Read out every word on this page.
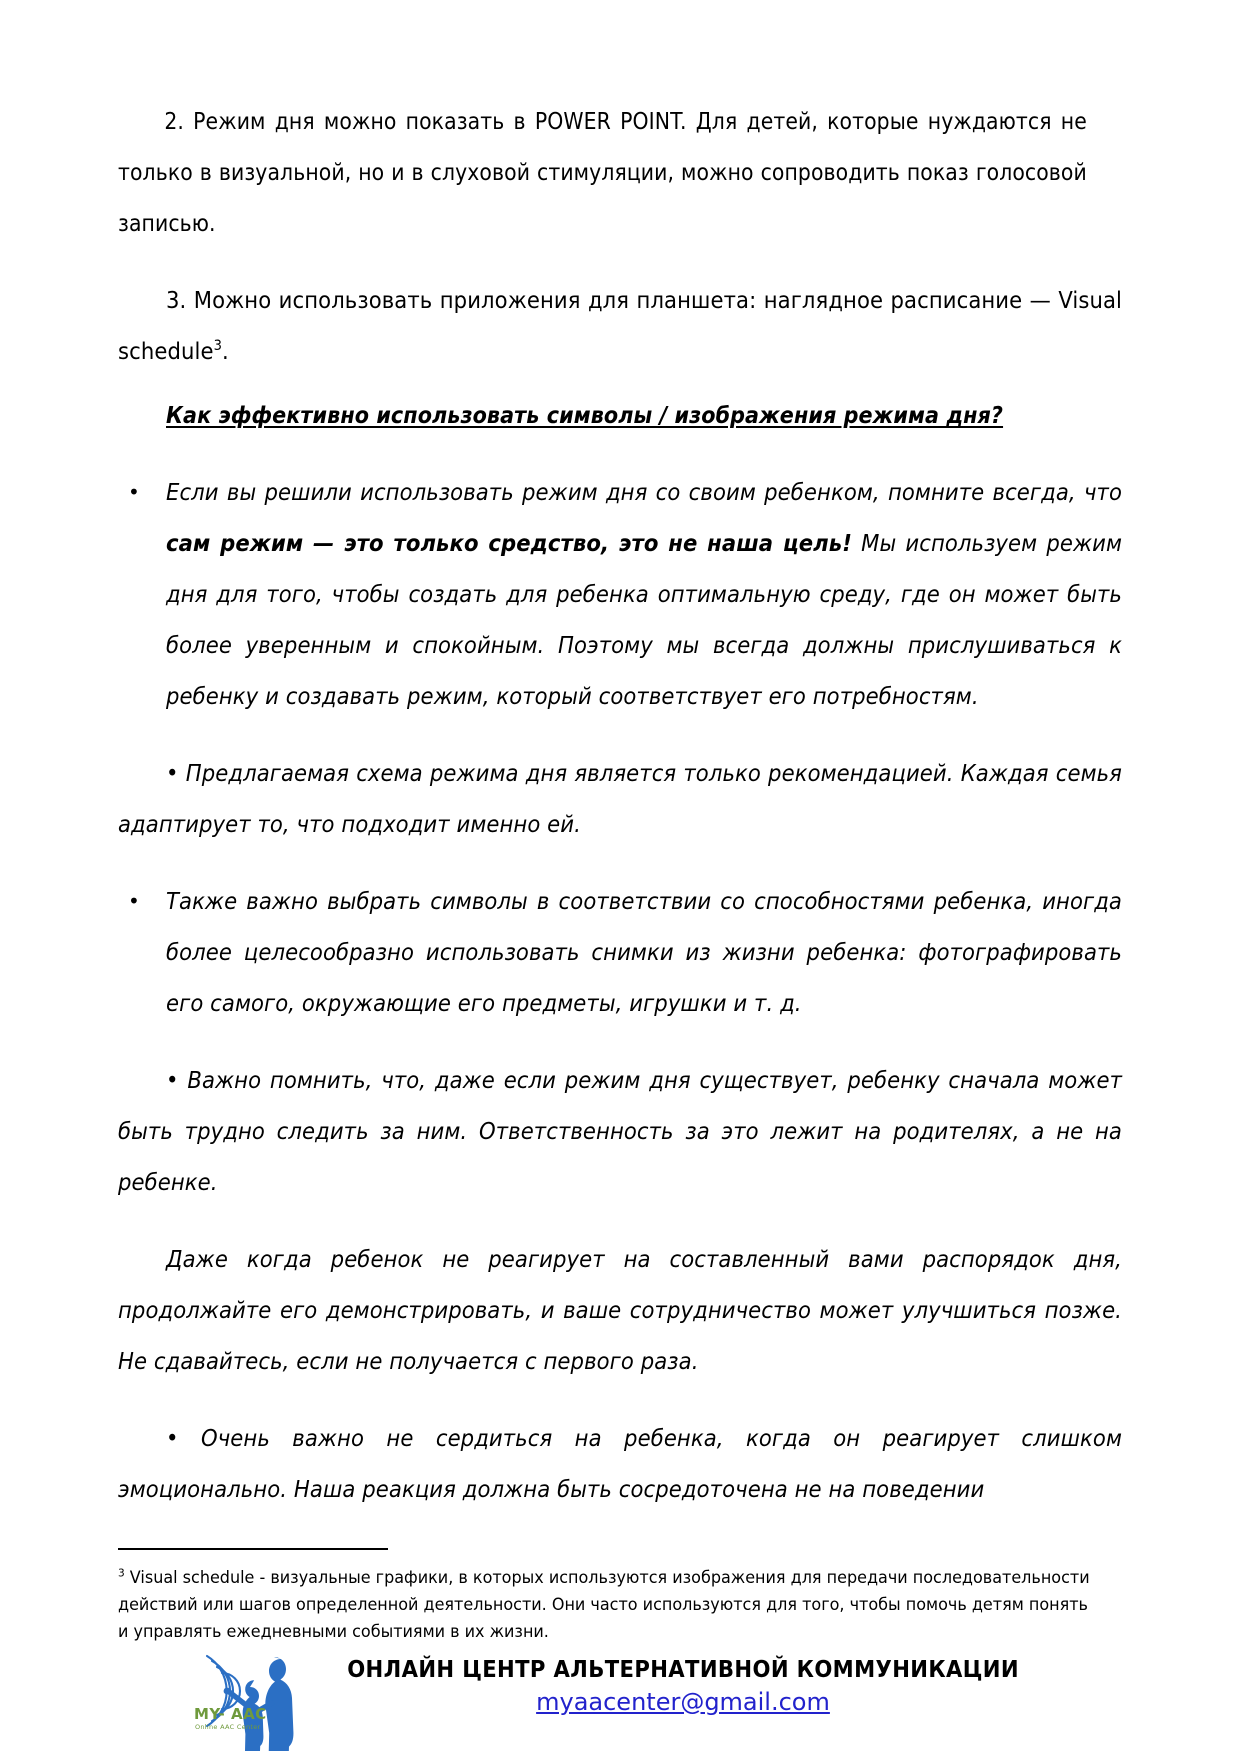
2. Режим дня можно показать в POWER POINT. Для детей, которые нуждаются не только в визуальной, но и в слуховой стимуляции, можно сопроводить показ голосовой записью.

3. Можно использовать приложения для планшета: наглядное расписание — Visual schedule$^3$.

Как эффективно использовать символы / изображения режима дня?
• Если вы решили использовать режим дня со своим ребенком, помните всегда, что сам режим — это только средство, это не наша цель! Мы используем режим дня для того, чтобы создать для ребенка оптимальную среду, где он может быть более уверенным и спокойным. Поэтому мы всегда должны прислушиваться к ребенку и создавать режим, который соответствует его потребностям.

• Предлагаемая схема режима дня является только рекомендацией. Каждая семья адаптирует то, что подходит именно ей.

• Также важно выбрать символы в соответствии со способностями ребенка, иногда более целесообразно использовать снимки из жизни ребенка: фотографировать его самого, окружающие его предметы, игрушки и т. д.

• Важно помнить, что, даже если режим дня существует, ребенку сначала может быть трудно следить за ним. Ответственность за это лежит на родителях, а не на ребенке.

Даже когда ребенок не реагирует на составленный вами распорядок дня, продолжайте его демонстрировать, и ваше сотрудничество может улучшиться позже. Не сдавайтесь, если не получается с первого раза.

• Очень важно не сердиться на ребенка, когда он реагирует слишком эмоционально. Наша реакция должна быть сосредоточена не на поведении

$^3$ Visual schedule - визуальные графики, в которых используются изображения для передачи последовательности действий или шагов определенной деятельности. Они часто используются для того, чтобы помочь детям понять и управлять ежедневными событиями в их жизни.

MY- AAC
Online AAC Center
ОНЛАЙН ЦЕНТР АЛЬТЕРНАТИВНОЙ КОММУНИКАЦИИ
myaacenter@gmail.com
